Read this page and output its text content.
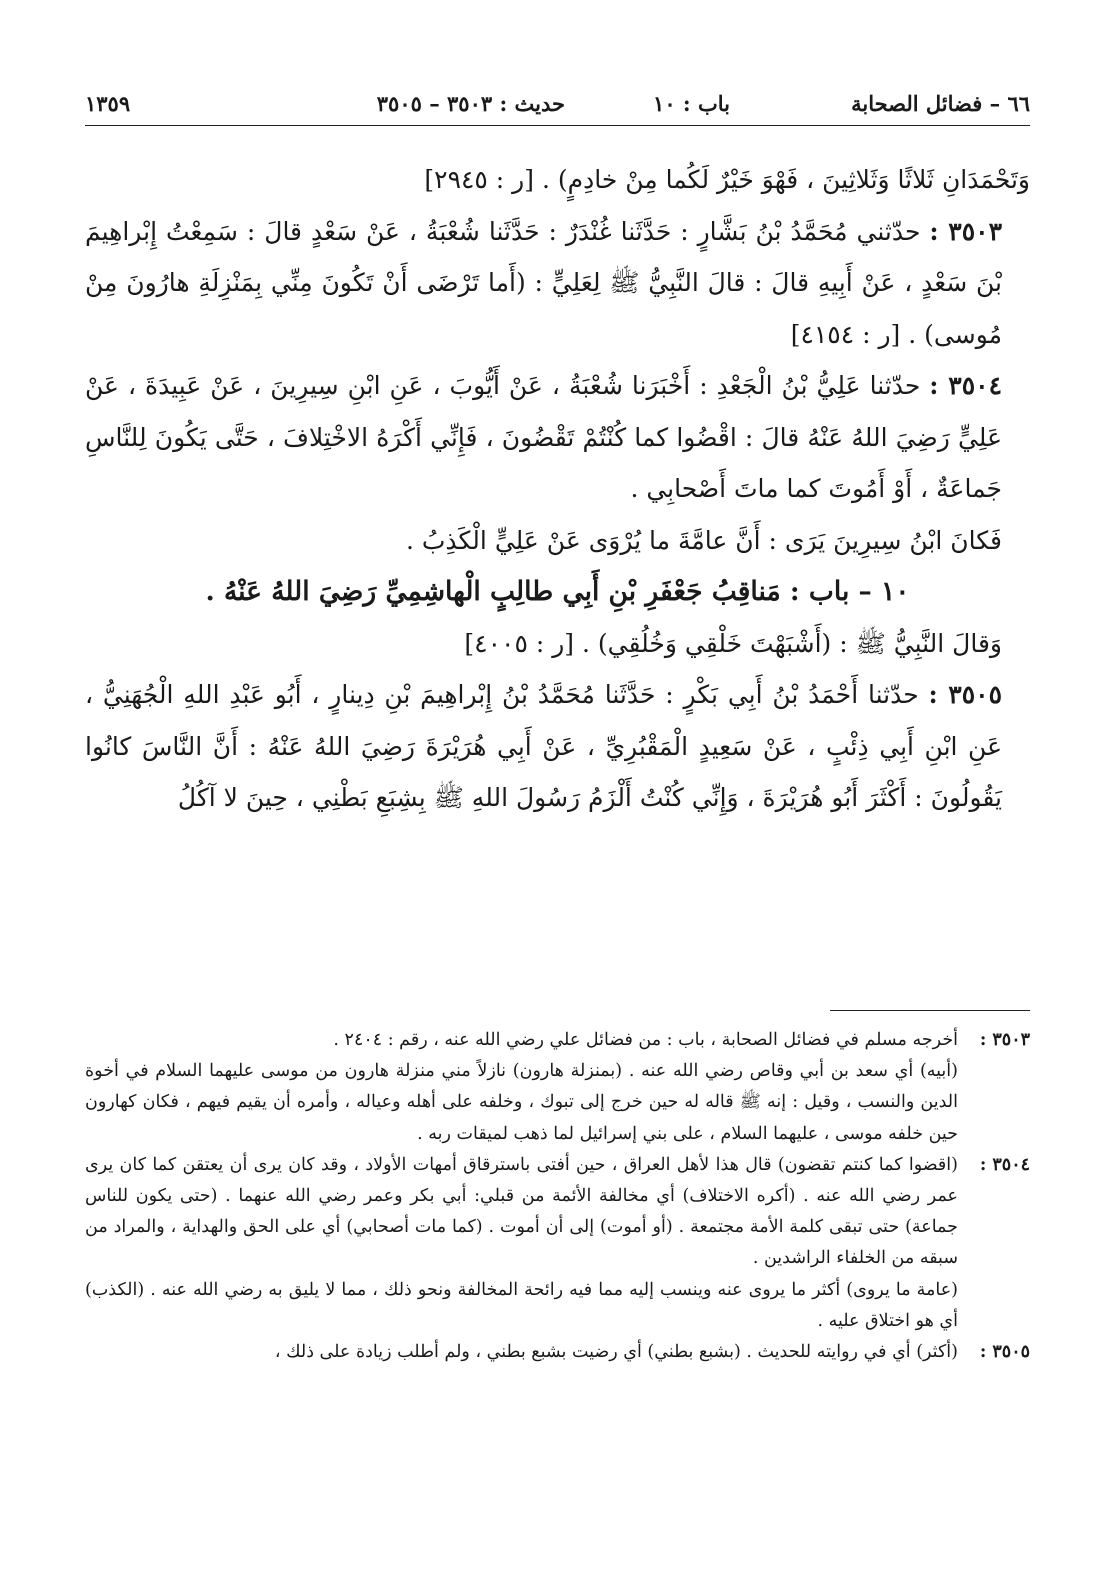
٦٦ – فضائل الصحابة
باب : ١٠
حديث : ٣٥٠٣ – ٣٥٠٥
١٣٥٩

وَتَحْمَدَانِ ثَلاثًا وَثَلاثِينَ ، فَهْوَ خَيْرٌ لَكُما مِنْ خادِمٍ) . [ر : ٢٩٤٥]

٣٥٠٣ : حدّثني مُحَمَّدُ بْنُ بَشَّارٍ : حَدَّثَنا غُنْدَرٌ : حَدَّثَنا شُعْبَةُ ، عَنْ سَعْدٍ قالَ : سَمِعْتُ إِبْراهِيمَ بْنَ سَعْدٍ ، عَنْ أَبِيهِ قالَ : قالَ النَّبِيُّ ﷺ لِعَلِيٍّ : (أَما تَرْضَى أَنْ تَكُونَ مِنِّي بِمَنْزِلَةِ هارُونَ مِنْ مُوسى) . [ر : ٤١٥٤]

٣٥٠٤ : حدّثنا عَلِيُّ بْنُ الْجَعْدِ : أَخْبَرَنا شُعْبَةُ ، عَنْ أَيُّوبَ ، عَنِ ابْنِ سِيرِينَ ، عَنْ عَبِيدَةَ ، عَنْ عَلِيٍّ رَضِيَ اللهُ عَنْهُ قالَ : اقْضُوا كما كُنْتُمْ تَقْضُونَ ، فَإِنِّي أَكْرَهُ الاخْتِلافَ ، حَتَّى يَكُونَ لِلنَّاسِ جَماعَةٌ ، أَوْ أَمُوتَ كما ماتَ أَصْحابِي .

فَكانَ ابْنُ سِيرِينَ يَرَى : أَنَّ عامَّةَ ما يُرْوَى عَنْ عَلِيٍّ الْكَذِبُ .

١٠ – باب : مَناقِبُ جَعْفَرِ بْنِ أَبِي طالِبٍ الْهاشِمِيِّ رَضِيَ اللهُ عَنْهُ .

وَقالَ النَّبِيُّ ﷺ : (أَشْبَهْتَ خَلْقِي وَخُلُقِي) . [ر : ٤٠٠٥]

٣٥٠٥ : حدّثنا أَحْمَدُ بْنُ أَبِي بَكْرٍ : حَدَّثَنا مُحَمَّدُ بْنُ إِبْراهِيمَ بْنِ دِينارٍ ، أَبُو عَبْدِ اللهِ الْجُهَنِيُّ ، عَنِ ابْنِ أَبِي ذِئْبٍ ، عَنْ سَعِيدٍ الْمَقْبُرِيِّ ، عَنْ أَبِي هُرَيْرَةَ رَضِيَ اللهُ عَنْهُ : أَنَّ النَّاسَ كانُوا يَقُولُونَ : أَكْثَرَ أَبُو هُرَيْرَةَ ، وَإِنِّي كُنْتُ أَلْزَمُ رَسُولَ اللهِ ﷺ بِشِبَعِ بَطْنِي ، حِينَ لا آكُلُ

٣٥٠٣ :

أخرجه مسلم في فضائل الصحابة ، باب : من فضائل علي رضي الله عنه ، رقم : ٢٤٠٤ .

(أبيه) أي سعد بن أبي وقاص رضي الله عنه . (بمنزلة هارون) نازلاً مني منزلة هارون من موسى عليهما السلام في أخوة الدين والنسب ، وقيل : إنه ﷺ قاله له حين خرج إلى تبوك ، وخلفه على أهله وعياله ، وأمره أن يقيم فيهم ، فكان كهارون حين خلفه موسى ، عليهما السلام ، على بني إسرائيل لما ذهب لميقات ربه .

٣٥٠٤ :

(اقضوا كما كنتم تقضون) قال هذا لأهل العراق ، حين أفتى باسترقاق أمهات الأولاد ، وقد كان يرى أن يعتقن كما كان يرى عمر رضي الله عنه . (أكره الاختلاف) أي مخالفة الأئمة من قبلي: أبي بكر وعمر رضي الله عنهما . (حتى يكون للناس جماعة) حتى تبقى كلمة الأمة مجتمعة . (أو أموت) إلى أن أموت . (كما مات أصحابي) أي على الحق والهداية ، والمراد من سبقه من الخلفاء الراشدين .

(عامة ما يروى) أكثر ما يروى عنه وينسب إليه مما فيه رائحة المخالفة ونحو ذلك ، مما لا يليق به رضي الله عنه . (الكذب) أي هو اختلاق عليه .

٣٥٠٥ :

(أكثر) أي في روايته للحديث . (بشبع بطني) أي رضيت بشبع بطني ، ولم أطلب زيادة على ذلك ،
